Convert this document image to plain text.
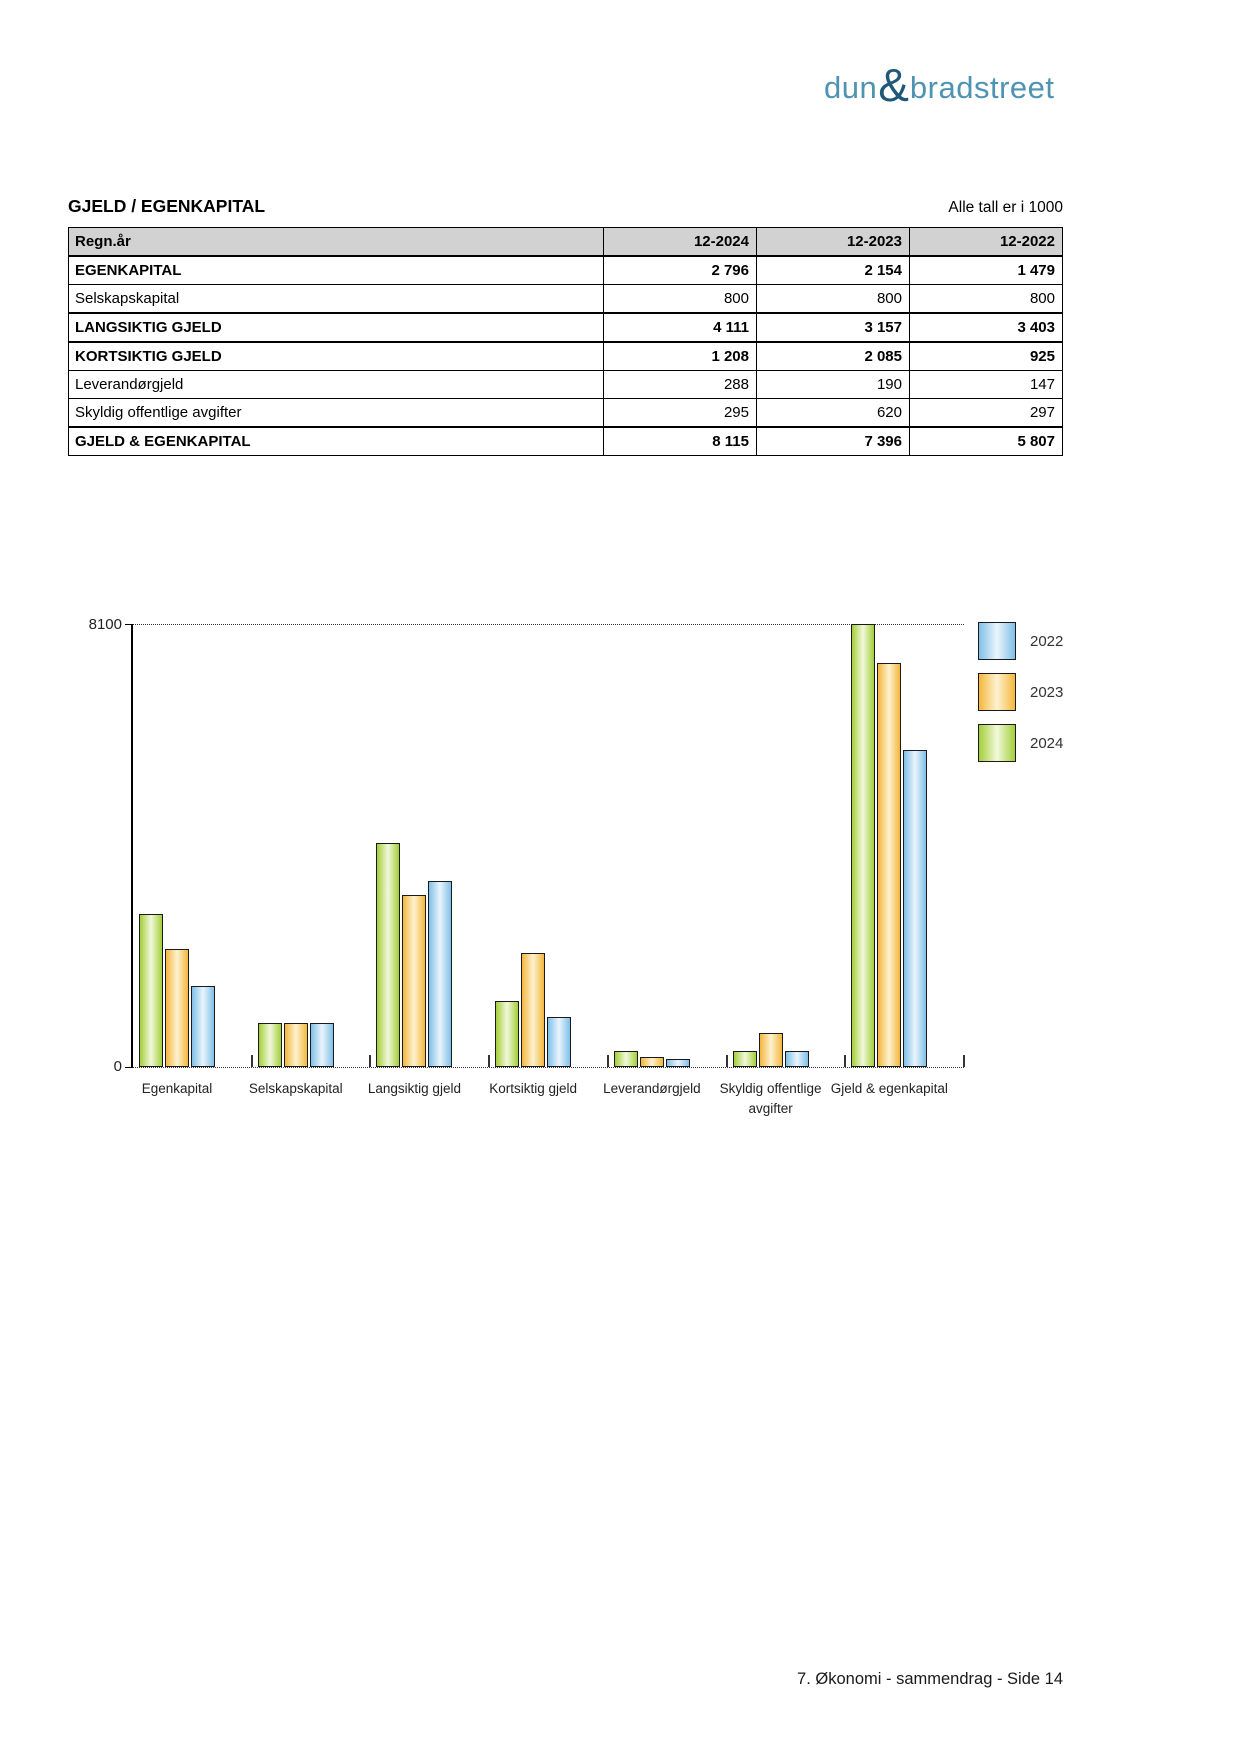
dun & bradstreet
GJELD / EGENKAPITAL	Alle tall er i 1000
Regn.år	12-2024	12-2023	12-2022
EGENKAPITAL	2 796	2 154	1 479
Selskapskapital	800	800	800
LANGSIKTIG GJELD	4 111	3 157	3 403
KORTSIKTIG GJELD	1 208	2 085	925
Leverandørgjeld	288	190	147
Skyldig offentlige avgifter	295	620	297
GJELD & EGENKAPITAL	8 115	7 396	5 807
8100
0
Egenkapital	Selskapskapital	Langsiktig gjeld	Kortsiktig gjeld	Leverandørgjeld	Skyldig offentlige avgifter
Gjeld & egenkapital
2022
2023
2024
7. Økonomi - sammendrag - Side 14
